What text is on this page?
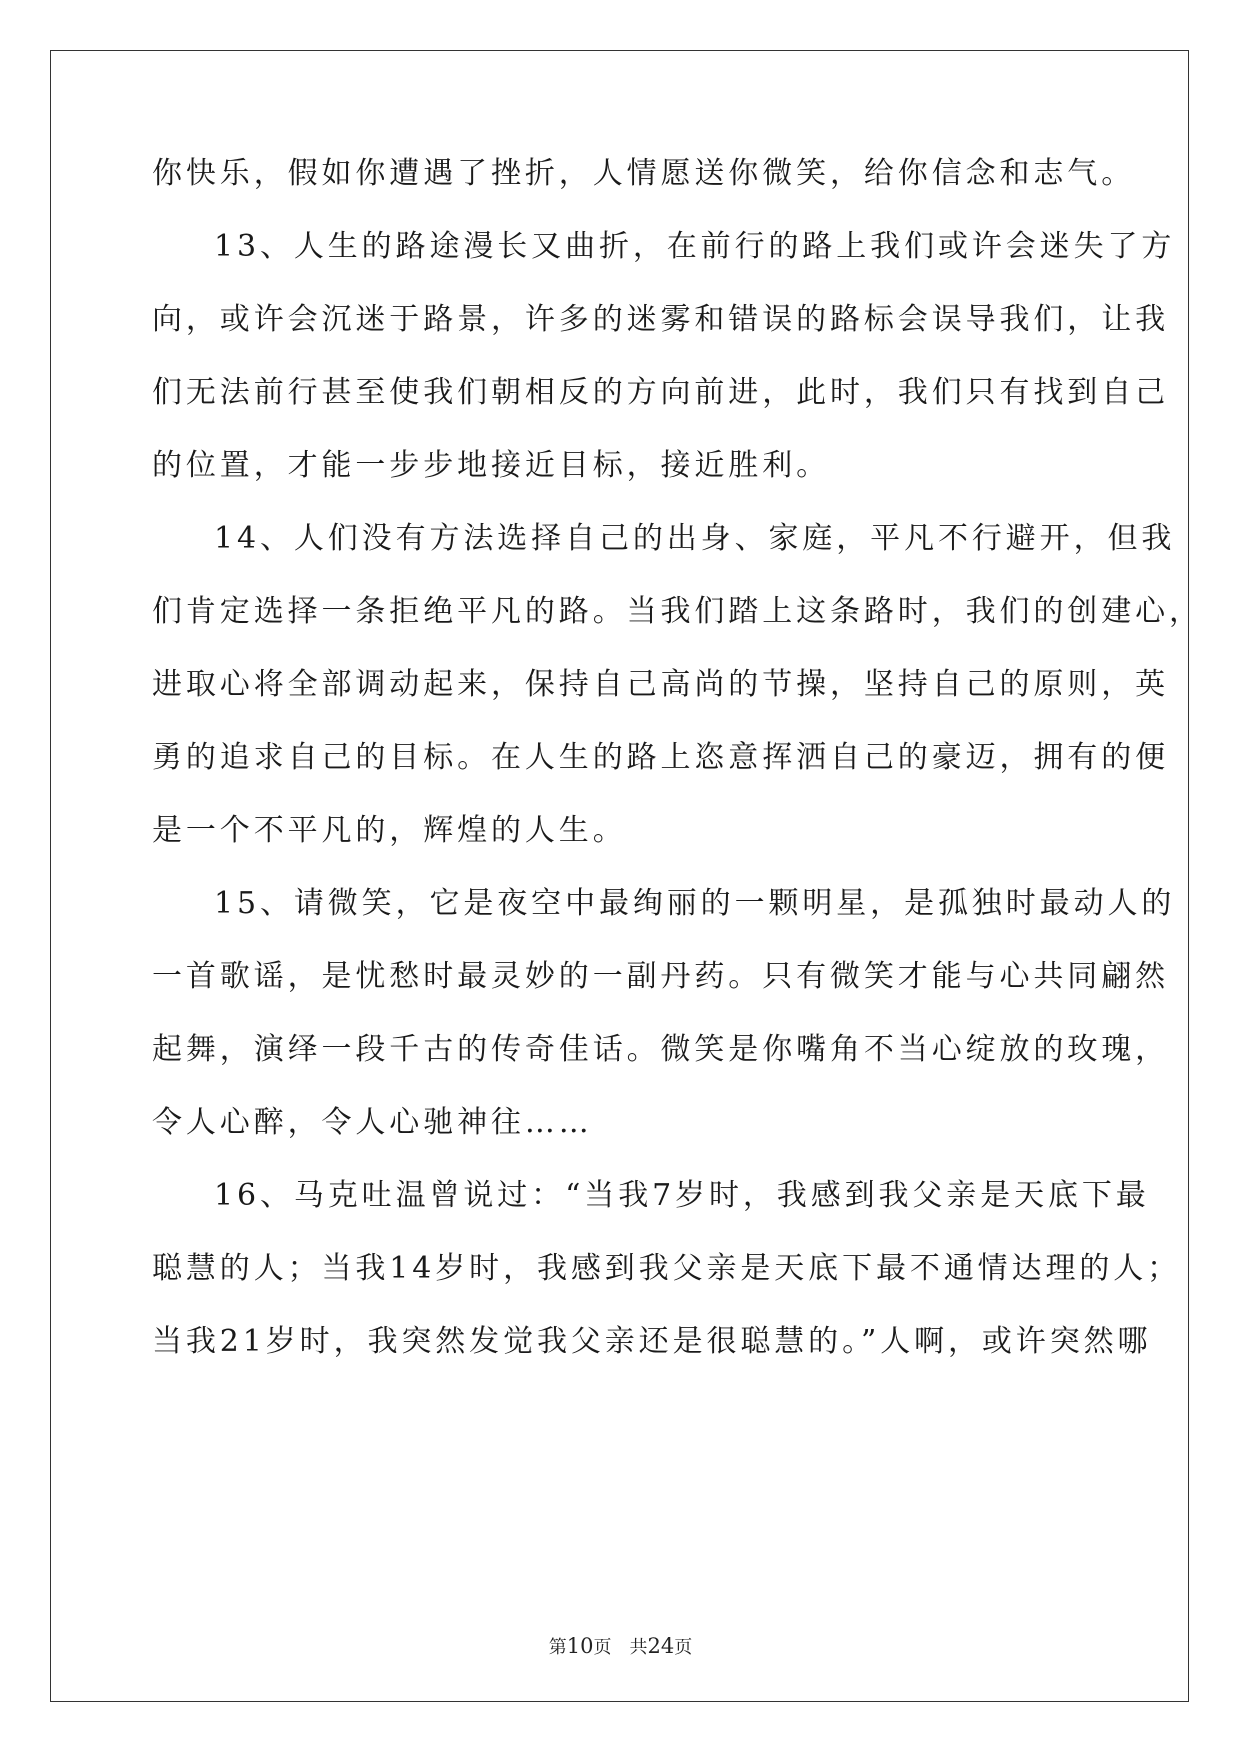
你快乐，假如你遭遇了挫折，人情愿送你微笑，给你信念和志气。
13、人生的路途漫长又曲折，在前行的路上我们或许会迷失了方
向，或许会沉迷于路景，许多的迷雾和错误的路标会误导我们，让我
们无法前行甚至使我们朝相反的方向前进，此时，我们只有找到自己
的位置，才能一步步地接近目标，接近胜利。
14、人们没有方法选择自己的出身、家庭，平凡不行避开，但我
们肯定选择一条拒绝平凡的路。当我们踏上这条路时，我们的创建心，
进取心将全部调动起来，保持自己高尚的节操，坚持自己的原则，英
勇的追求自己的目标。在人生的路上恣意挥洒自己的豪迈，拥有的便
是一个不平凡的，辉煌的人生。
15、请微笑，它是夜空中最绚丽的一颗明星，是孤独时最动人的
一首歌谣，是忧愁时最灵妙的一副丹药。只有微笑才能与心共同翩然
起舞，演绎一段千古的传奇佳话。微笑是你嘴角不当心绽放的玫瑰，
令人心醉，令人心驰神往……
16、马克吐温曾说过：“当我7岁时，我感到我父亲是天底下最
聪慧的人；当我14岁时，我感到我父亲是天底下最不通情达理的人；
当我21岁时，我突然发觉我父亲还是很聪慧的。”人啊，或许突然哪
第10页　共24页
